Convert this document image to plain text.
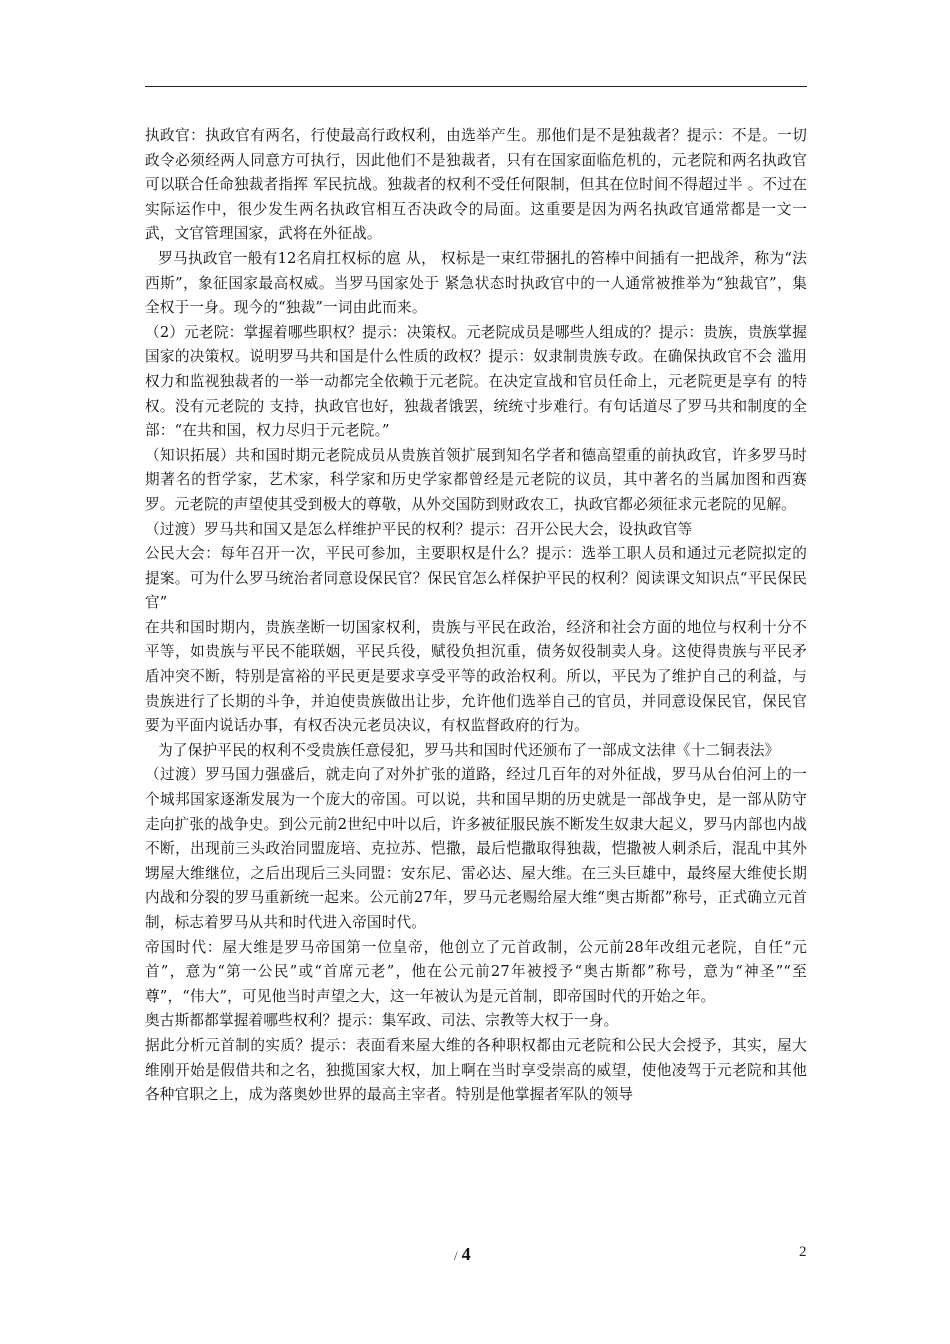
执政官：执政官有两名，行使最高行政权利，由选举产生。那他们是不是独裁者？提示：不是。一切政令必须经两人同意方可执行，因此他们不是独裁者，只有在国家面临危机的，元老院和两名执政官可以联合任命独裁者指挥 军民抗战。独裁者的权利不受任何限制，但其在位时间不得超过半 。不过在实际运作中，很少发生两名执政官相互否决政令的局面。这重要是因为两名执政官通常都是一文一武，文官管理国家，武将在外征战。

罗马执政官一般有12名肩扛权标的扈 从， 权标是一束红带捆扎的笞棒中间插有一把战斧，称为“法西斯”，象征国家最高权威。当罗马国家处于 紧急状态时执政官中的一人通常被推举为“独裁官”，集全权于一身。现今的“独裁”一词由此而来。

（2）元老院：掌握着哪些职权？提示：决策权。元老院成员是哪些人组成的？提示：贵族，贵族掌握国家的决策权。说明罗马共和国是什么性质的政权？提示：奴隶制贵族专政。在确保执政官不会 滥用权力和监视独裁者的一举一动都完全依赖于元老院。在决定宣战和官员任命上，元老院更是享有 的特权。没有元老院的 支持，执政官也好，独裁者饿罢，统统寸步难行。有句话道尽了罗马共和制度的全部：“在共和国，权力尽归于元老院。”

（知识拓展）共和国时期元老院成员从贵族首领扩展到知名学者和德高望重的前执政官，许多罗马时期著名的哲学家，艺术家，科学家和历史学家都曾经是元老院的议员，其中著名的当属加图和西赛罗。元老院的声望使其受到极大的尊敬，从外交国防到财政农工，执政官都必须征求元老院的见解。

（过渡）罗马共和国又是怎么样维护平民的权利？提示：召开公民大会，设执政官等

公民大会：每年召开一次，平民可参加，主要职权是什么？提示：选举工职人员和通过元老院拟定的提案。可为什么罗马统治者同意设保民官？保民官怎么样保护平民的权利？阅读课文知识点“平民保民官”

在共和国时期内，贵族垄断一切国家权利，贵族与平民在政治，经济和社会方面的地位与权利十分不平等，如贵族与平民不能联姻，平民兵役，赋役负担沉重，债务奴役制卖人身。这使得贵族与平民矛盾冲突不断，特别是富裕的平民更是要求享受平等的政治权利。所以，平民为了维护自己的利益，与贵族进行了长期的斗争，并迫使贵族做出让步，允许他们选举自己的官员，并同意设保民官，保民官要为平面内说话办事，有权否决元老员决议，有权监督政府的行为。

为了保护平民的权利不受贵族任意侵犯，罗马共和国时代还颁布了一部成文法律《十二铜表法》

（过渡）罗马国力强盛后，就走向了对外扩张的道路，经过几百年的对外征战，罗马从台伯河上的一个城邦国家逐渐发展为一个庞大的帝国。可以说，共和国早期的历史就是一部战争史，是一部从防守走向扩张的战争史。到公元前2世纪中叶以后，许多被征服民族不断发生奴隶大起义，罗马内部也内战不断，出现前三头政治同盟庞培、克拉苏、恺撒，最后恺撒取得独裁，恺撒被人刺杀后，混乱中其外甥屋大维继位，之后出现后三头同盟：安东尼、雷必达、屋大维。在三头巨雄中，最终屋大维使长期内战和分裂的罗马重新统一起来。公元前27年，罗马元老赐给屋大维“奥古斯都”称号，正式确立元首制，标志着罗马从共和时代进入帝国时代。

帝国时代：屋大维是罗马帝国第一位皇帝，他创立了元首政制，公元前28年改组元老院，自任“元首”，意为“第一公民”或“首席元老”，他在公元前27年被授予“奥古斯都”称号，意为“神圣”“至尊”，“伟大”，可见他当时声望之大，这一年被认为是元首制，即帝国时代的开始之年。

奥古斯都都掌握着哪些权利？提示：集军政、司法、宗教等大权于一身。

据此分析元首制的实质？提示：表面看来屋大维的各种职权都由元老院和公民大会授予，其实，屋大维刚开始是假借共和之名，独揽国家大权，加上啊在当时享受崇高的威望，使他凌驾于元老院和其他各种官职之上，成为落奥妙世界的最高主宰者。特别是他掌握者军队的领导

/ 4	2
